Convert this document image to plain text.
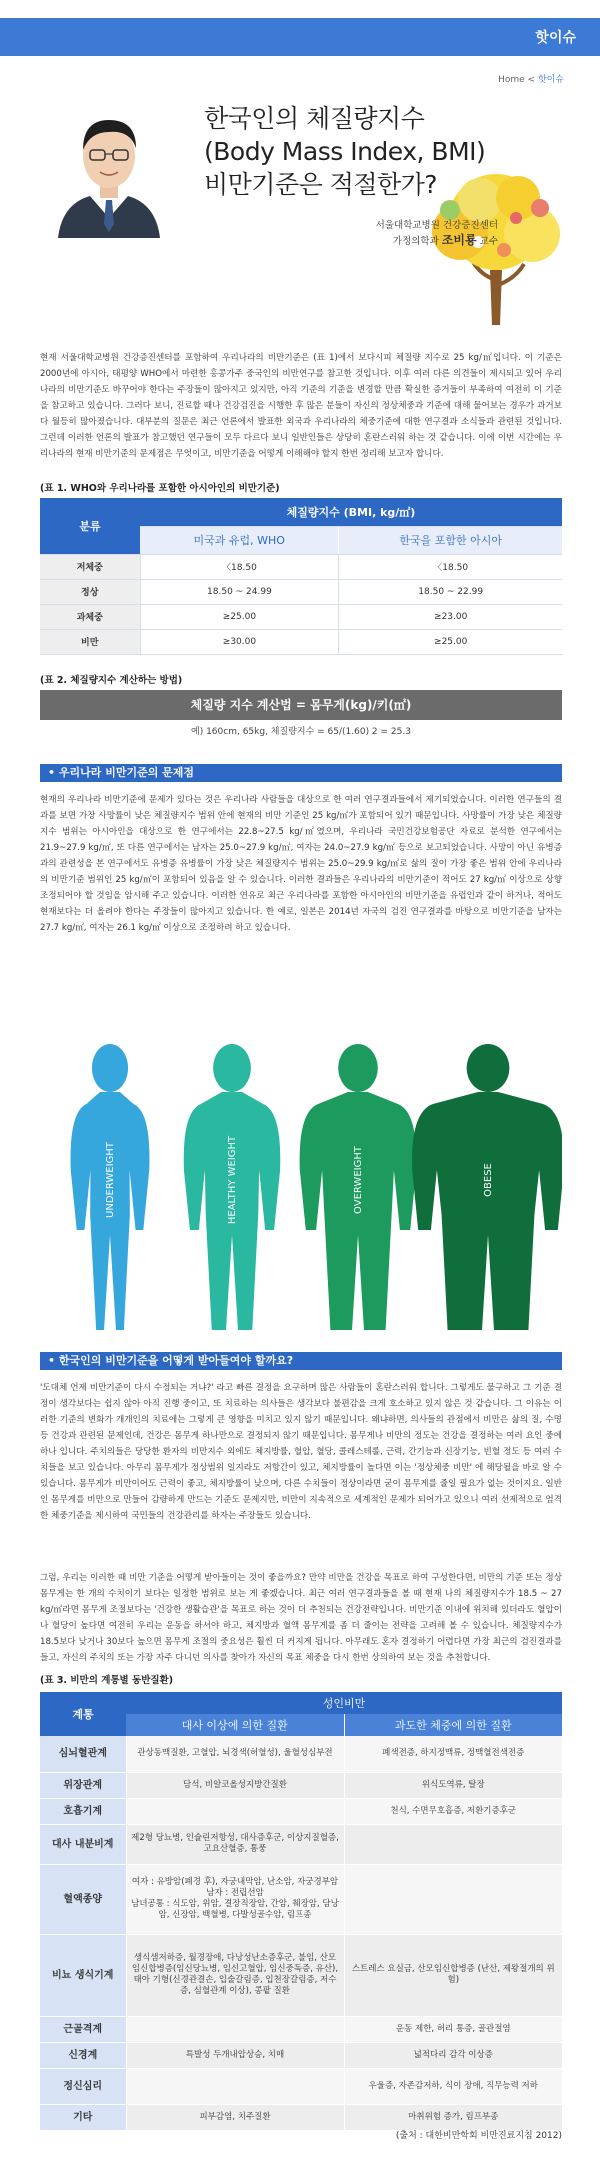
핫이슈
Home < 핫이슈
한국인의 체질량지수
(Body Mass Index, BMI)
비만기준은 적절한가?
서울대학교병원 건강증진센터
가정의학과 조비룡 교수
현재 서울대학교병원 건강증진센터를 포함하여 우리나라의 비만기준은 (표 1)에서 보다시피 체질량 지수로 25 kg/㎡입니다. 이 기준은 2000년에 아시아, 태평양 WHO에서 마련한 홍콩가주 중국인의 비만연구를 참고한 것입니다. 이후 여러 다른 의견들이 제시되고 있어 우리나라의 비만기준도 바꾸어야 한다는 주장들이 많아지고 있지만, 아직 기준의 기준을 변경할 만큼 확실한 증거들이 부족하여 여전히 이 기준을 참고하고 있습니다. 그러다 보니, 진료할 때나 건강검진을 시행한 후 많은 분들이 자신의 정상체중과 기준에 대해 물어보는 경우가 과거보다 월등히 많아졌습니다. 대부분의 질문은 최근 언론에서 발표한 외국과 우리나라의 체중기준에 대한 연구결과 소식들과 관련된 것입니다. 그런데 이러한 언론의 발표가 참고했던 연구들이 모두 다르다 보니 일반인들은 상당히 혼란스러워 하는 것 같습니다. 이에 이번 시간에는 우리나라의 현재 비만기준의 문제점은 무엇이고, 비만기준을 어떻게 이해해야 할지 한번 정리해 보고자 합니다.
(표 1. WHO와 우리나라를 포함한 아시아인의 비만기준)
분류	체질량지수 (BMI, kg/㎡)	
	미국과 유럽, WHO	한국을 포함한 아시아
저체중	〈18.50	〈18.50
정상	18.50 ~ 24.99	18.50 ~ 22.99
과체중	≥25.00	≥23.00
비만	≥30.00	≥25.00
(표 2. 체질량지수 계산하는 방법)
체질량 지수 계산법 = 몸무게(kg)/키(㎡)
예) 160cm, 65kg, 체질량지수 = 65/(1.60) 2 = 25.3
• 우리나라 비만기준의 문제점
현재의 우리나라 비만기준에 문제가 있다는 것은 우리나라 사람들을 대상으로 한 여러 연구결과들에서 제기되었습니다. 이러한 연구들의 결과를 보면 가장 사망률이 낮은 체질량지수 범위 안에 현재의 비만 기준인 25 kg/㎡가 포함되어 있기 때문입니다. 사망률이 가장 낮은 체질량지수 범위는 아시아인을 대상으로 한 연구에서는 22.8~27.5 kg/㎡였으며, 우리나라 국민건강보험공단 자료로 분석한 연구에서는 21.9~27.9 kg/㎡, 또 다른 연구에서는 남자는 25.0~27.9 kg/㎡, 여자는 24.0~27.9 kg/㎡ 등으로 보고되었습니다. 사망이 아닌 유병증과의 관련성을 본 연구에서도 유병증 유병률이 가장 낮은 체질량지수 범위는 25.0~29.9 kg/㎡로 삶의 질이 가장 좋은 범위 안에 우리나라의 비만기준 범위인 25 kg/㎡이 포함되어 있음을 알 수 있습니다. 이러한 결과들은 우리나라의 비만기준이 적어도 27 kg/㎡ 이상으로 상향 조정되어야 할 것임을 암시해 주고 있습니다. 이러한 연유로 최근 우리나라를 포함한 아시아인의 비만기준을 유럽인과 같이 하거나, 적어도 현재보다는 더 올려야 한다는 주장들이 많아지고 있습니다. 한 예로, 일본은 2014년 자국의 검진 연구결과를 바탕으로 비만기준을 남자는 27.7 kg/㎡, 여자는 26.1 kg/㎡ 이상으로 조정하려 하고 있습니다.
UNDERWEIGHT	HEALTHY WEIGHT	OVERWEIGHT	OBESE
• 한국인의 비만기준을 어떻게 받아들여야 할까요?
'도대체 언제 비만기준이 다시 수정되는 거냐?' 라고 빠른 결정을 요구하며 많은 사람들이 혼란스러워 합니다. 그렇게도 물구하고 그 기준 결정이 생각보다는 쉽지 않아 아직 진행 중이고, 또 치료하는 의사들은 생각보다 불편감을 크게 호소하고 있지 않은 것 같습니다. 그 이유는 이러한 기준의 변화가 개개인의 치료에는 그렇게 큰 영향을 미치고 있지 않기 때문입니다. 왜냐하면, 의사들의 관점에서 비만은 삶의 질, 수명 등 건강과 관련된 문제인데, 건강은 몸무게 하나만으로 결정되지 않기 때문입니다. 몸무게나 비만의 정도는 건강을 결정하는 여러 요인 중에 하나 입니다. 주치의들은 당당한 환자의 비만지수 외에도 체지방률, 혈압, 혈당, 콜레스테롤, 근력, 간기능과 신장기능, 빈혈 정도 등 여러 수치들을 보고 있습니다. 아무리 몸무게가 정상범위 일지라도 저항간이 있고, 체지방률이 높다면 이는 '정상체중 비만' 에 해당될을 바로 알 수 있습니다. 몸무게가 비만이어도 근력이 좋고, 체지방률이 낮으며, 다른 수치들이 정상이라면 굳이 몸무게를 줄일 필요가 없는 것이지요. 일반인 몸무게를 비만으로 만들어 감량하게 만드는 기준도 문제지만, 비만이 지속적으로 세계적인 문제가 되어가고 있으니 여러 선제적으로 엄격한 체중기준을 제시하여 국민들의 건강관리를 하자는 주장들도 있습니다.
그럼, 우리는 이러한 때 비만 기준을 어떻게 받아들이는 것이 좋을까요? 만약 비만을 건강을 목표로 하여 구성한다면, 비만의 기준 또는 정상 몸무게는 한 개의 수치이기 보다는 일정한 범위로 보는 게 좋겠습니다. 최근 여러 연구결과들을 볼 때 현재 나의 체질량지수가 18.5 ~ 27 kg/㎡라면 몸무게 조절보다는 '건강한 생활습관'을 목표로 하는 것이 더 추천되는 건강전략입니다. 비만기준 이내에 위치해 있더라도 혈압이나 혈당이 높다면 여전히 우리는 운동을 하셔야 하고, 체지방과 혈액 몸무게를 좀 더 줄이는 전략을 고려해 볼 수 있습니다. 체질량지수가 18.5보다 낮거나 30보다 높으면 몸무게 조절의 중요성은 훨씬 더 커지게 됩니다. 아무래도 혼자 결정하기 어렵다면 가장 최근의 검진결과를 들고, 자신의 주치의 또는 가장 자주 다니던 의사를 찾아가 자신의 목표 체중을 다시 한번 상의하여 보는 것을 추천합니다.
(표 3. 비만의 계통별 동반질환)
계통	성인비만	
	대사 이상에 의한 질환	과도한 체중에 의한 질환
심뇌혈관계	관상동맥질환, 고혈압, 뇌경색(허혈성), 울혈성심부전	폐색전증, 하지정맥류, 정맥혈전색전증
위장관계	담석, 비알코올성지방간질환	위식도역류, 탈장
호흡기계		천식, 수면무호흡증, 저환기증후군
대사 내분비계	제2형 당뇨병, 인슐린저항성, 대사증후군, 이상지질혈증, 고요산혈증, 통풍	
혈액종양	여자 : 유방암(폐경 후), 자궁내막암, 난소암, 자궁경부암
남자 : 전립선암
남녀공통 : 식도암, 위암, 결장직장암, 간암, 췌장암, 담낭암, 신장암, 백혈병, 다발성골수암, 림프종	
비뇨 생식기계	생식샘저하증, 월경장애, 다낭성난소증후군, 불임, 산모임신합병증(임신당뇨병, 임신고혈압, 임신중독증, 유산), 태아 기형(신경관결손, 입술갈림증, 입천장갈림증, 저수증, 심혈관계 이상), 콩팥 질환	스트레스 요실금, 산모임신합병증 (난산, 제왕절개의 위험)
근골격계		운동 제한, 허리 통증, 골관절염
신경계	특발성 두개내압상승, 치매	넓적다리 감각 이상증
정신심리		우울증, 자존감저하, 식이 장애, 직무능력 저하
기타	피부감염, 치주질환	마취위험 증가, 림프부종
(출처 : 대한비만학회 비만진료지침 2012)
